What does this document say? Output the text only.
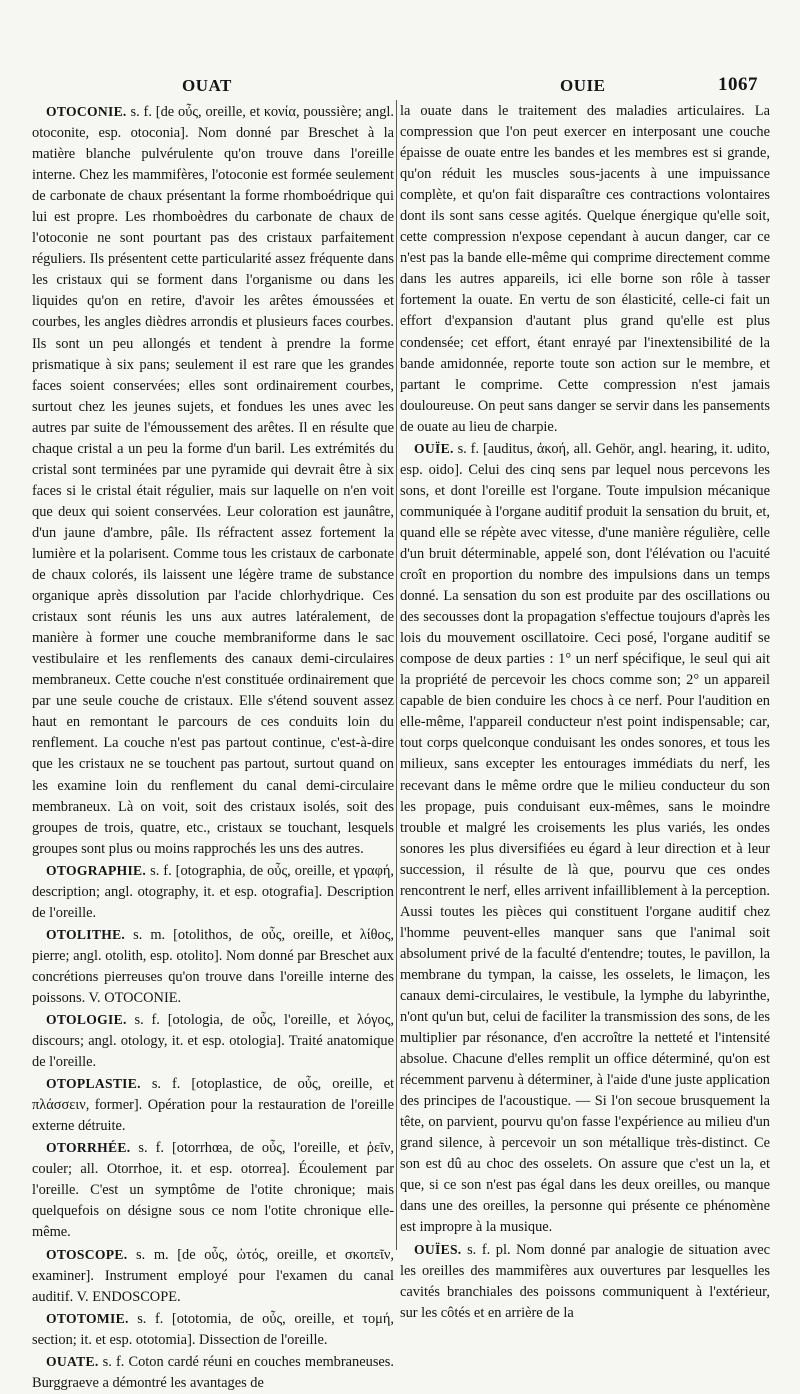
OUAT	OUIE	1067

OTOCONIE. s. f. [de οὖς, oreille, et κονία, poussière; angl. otoconite, esp. otoconia]. Nom donné par Breschet à la matière blanche pulvérulente qu'on trouve dans l'oreille interne. Chez les mammifères, l'otoconie est formée seulement de carbonate de chaux présentant la forme rhomboédrique qui lui est propre. Les rhomboèdres du carbonate de chaux de l'otoconie ne sont pourtant pas des cristaux parfaitement réguliers. Ils présentent cette particularité assez fréquente dans les cristaux qui se forment dans l'organisme ou dans les liquides qu'on en retire, d'avoir les arêtes émoussées et courbes, les angles dièdres arrondis et plusieurs faces courbes. Ils sont un peu allongés et tendent à prendre la forme prismatique à six pans; seulement il est rare que les grandes faces soient conservées; elles sont ordinairement courbes, surtout chez les jeunes sujets, et fondues les unes avec les autres par suite de l'émoussement des arêtes. Il en résulte que chaque cristal a un peu la forme d'un baril. Les extrémités du cristal sont terminées par une pyramide qui devrait être à six faces si le cristal était régulier, mais sur laquelle on n'en voit que deux qui soient conservées. Leur coloration est jaunâtre, d'un jaune d'ambre, pâle. Ils réfractent assez fortement la lumière et la polarisent. Comme tous les cristaux de carbonate de chaux colorés, ils laissent une légère trame de substance organique après dissolution par l'acide chlorhydrique. Ces cristaux sont réunis les uns aux autres latéralement, de manière à former une couche membraniforme dans le sac vestibulaire et les renflements des canaux demi-circulaires membraneux. Cette couche n'est constituée ordinairement que par une seule couche de cristaux. Elle s'étend souvent assez haut en remontant le parcours de ces conduits loin du renflement. La couche n'est pas partout continue, c'est-à-dire que les cristaux ne se touchent pas partout, surtout quand on les examine loin du renflement du canal demi-circulaire membraneux. Là on voit, soit des cristaux isolés, soit des groupes de trois, quatre, etc., cristaux se touchant, lesquels groupes sont plus ou moins rapprochés les uns des autres.

OTOGRAPHIE. s. f. [otographia, de οὖς, oreille, et γραφή, description; angl. otography, it. et esp. otografia]. Description de l'oreille.

OTOLITHE. s. m. [otolithos, de οὖς, oreille, et λίθος, pierre; angl. otolith, esp. otolito]. Nom donné par Breschet aux concrétions pierreuses qu'on trouve dans l'oreille interne des poissons. V. OTOCONIE.

OTOLOGIE. s. f. [otologia, de οὖς, l'oreille, et λόγος, discours; angl. otology, it. et esp. otologia]. Traité anatomique de l'oreille.

OTOPLASTIE. s. f. [otoplastice, de οὖς, oreille, et πλάσσειν, former]. Opération pour la restauration de l'oreille externe détruite.

OTORRHÉE. s. f. [otorrhœa, de οὖς, l'oreille, et ῥεῖν, couler; all. Otorrhoe, it. et esp. otorrea]. Écoulement par l'oreille. C'est un symptôme de l'otite chronique; mais quelquefois on désigne sous ce nom l'otite chronique elle-même.

OTOSCOPE. s. m. [de οὖς, ὠτός, oreille, et σκοπεῖν, examiner]. Instrument employé pour l'examen du canal auditif. V. ENDOSCOPE.

OTOTOMIE. s. f. [ototomia, de οὖς, oreille, et τομή, section; it. et esp. ototomia]. Dissection de l'oreille.

OUATE. s. f. Coton cardé réuni en couches membraneuses. Burggraeve a démontré les avantages de

la ouate dans le traitement des maladies articulaires. La compression que l'on peut exercer en interposant une couche épaisse de ouate entre les bandes et les membres est si grande, qu'on réduit les muscles sous-jacents à une impuissance complète, et qu'on fait disparaître ces contractions volontaires dont ils sont sans cesse agités. Quelque énergique qu'elle soit, cette compression n'expose cependant à aucun danger, car ce n'est pas la bande elle-même qui comprime directement comme dans les autres appareils, ici elle borne son rôle à tasser fortement la ouate. En vertu de son élasticité, celle-ci fait un effort d'expansion d'autant plus grand qu'elle est plus condensée; cet effort, étant enrayé par l'inextensibilité de la bande amidonnée, reporte toute son action sur le membre, et partant le comprime. Cette compression n'est jamais douloureuse. On peut sans danger se servir dans les pansements de ouate au lieu de charpie.

OUÏE. s. f. [auditus, ἀκοή, all. Gehör, angl. hearing, it. udito, esp. oido]. Celui des cinq sens par lequel nous percevons les sons, et dont l'oreille est l'organe. Toute impulsion mécanique communiquée à l'organe auditif produit la sensation du bruit, et, quand elle se répète avec vitesse, d'une manière régulière, celle d'un bruit déterminable, appelé son, dont l'élévation ou l'acuité croît en proportion du nombre des impulsions dans un temps donné. La sensation du son est produite par des oscillations ou des secousses dont la propagation s'effectue toujours d'après les lois du mouvement oscillatoire. Ceci posé, l'organe auditif se compose de deux parties : 1° un nerf spécifique, le seul qui ait la propriété de percevoir les chocs comme son; 2° un appareil capable de bien conduire les chocs à ce nerf. Pour l'audition en elle-même, l'appareil conducteur n'est point indispensable; car, tout corps quelconque conduisant les ondes sonores, et tous les milieux, sans excepter les entourages immédiats du nerf, les recevant dans le même ordre que le milieu conducteur du son les propage, puis conduisant eux-mêmes, sans le moindre trouble et malgré les croisements les plus variés, les ondes sonores les plus diversifiées eu égard à leur direction et à leur succession, il résulte de là que, pourvu que ces ondes rencontrent le nerf, elles arrivent infailliblement à la perception. Aussi toutes les pièces qui constituent l'organe auditif chez l'homme peuvent-elles manquer sans que l'animal soit absolument privé de la faculté d'entendre; toutes, le pavillon, la membrane du tympan, la caisse, les osselets, le limaçon, les canaux demi-circulaires, le vestibule, la lymphe du labyrinthe, n'ont qu'un but, celui de faciliter la transmission des sons, de les multiplier par résonance, d'en accroître la netteté et l'intensité absolue. Chacune d'elles remplit un office déterminé, qu'on est récemment parvenu à déterminer, à l'aide d'une juste application des principes de l'acoustique. — Si l'on secoue brusquement la tête, on parvient, pourvu qu'on fasse l'expérience au milieu d'un grand silence, à percevoir un son métallique très-distinct. Ce son est dû au choc des osselets. On assure que c'est un la, et que, si ce son n'est pas égal dans les deux oreilles, ou manque dans une des oreilles, la personne qui présente ce phénomène est impropre à la musique.

OUÏES. s. f. pl. Nom donné par analogie de situation avec les oreilles des mammifères aux ouvertures par lesquelles les cavités branchiales des poissons communiquent à l'extérieur, sur les côtés et en arrière de la
